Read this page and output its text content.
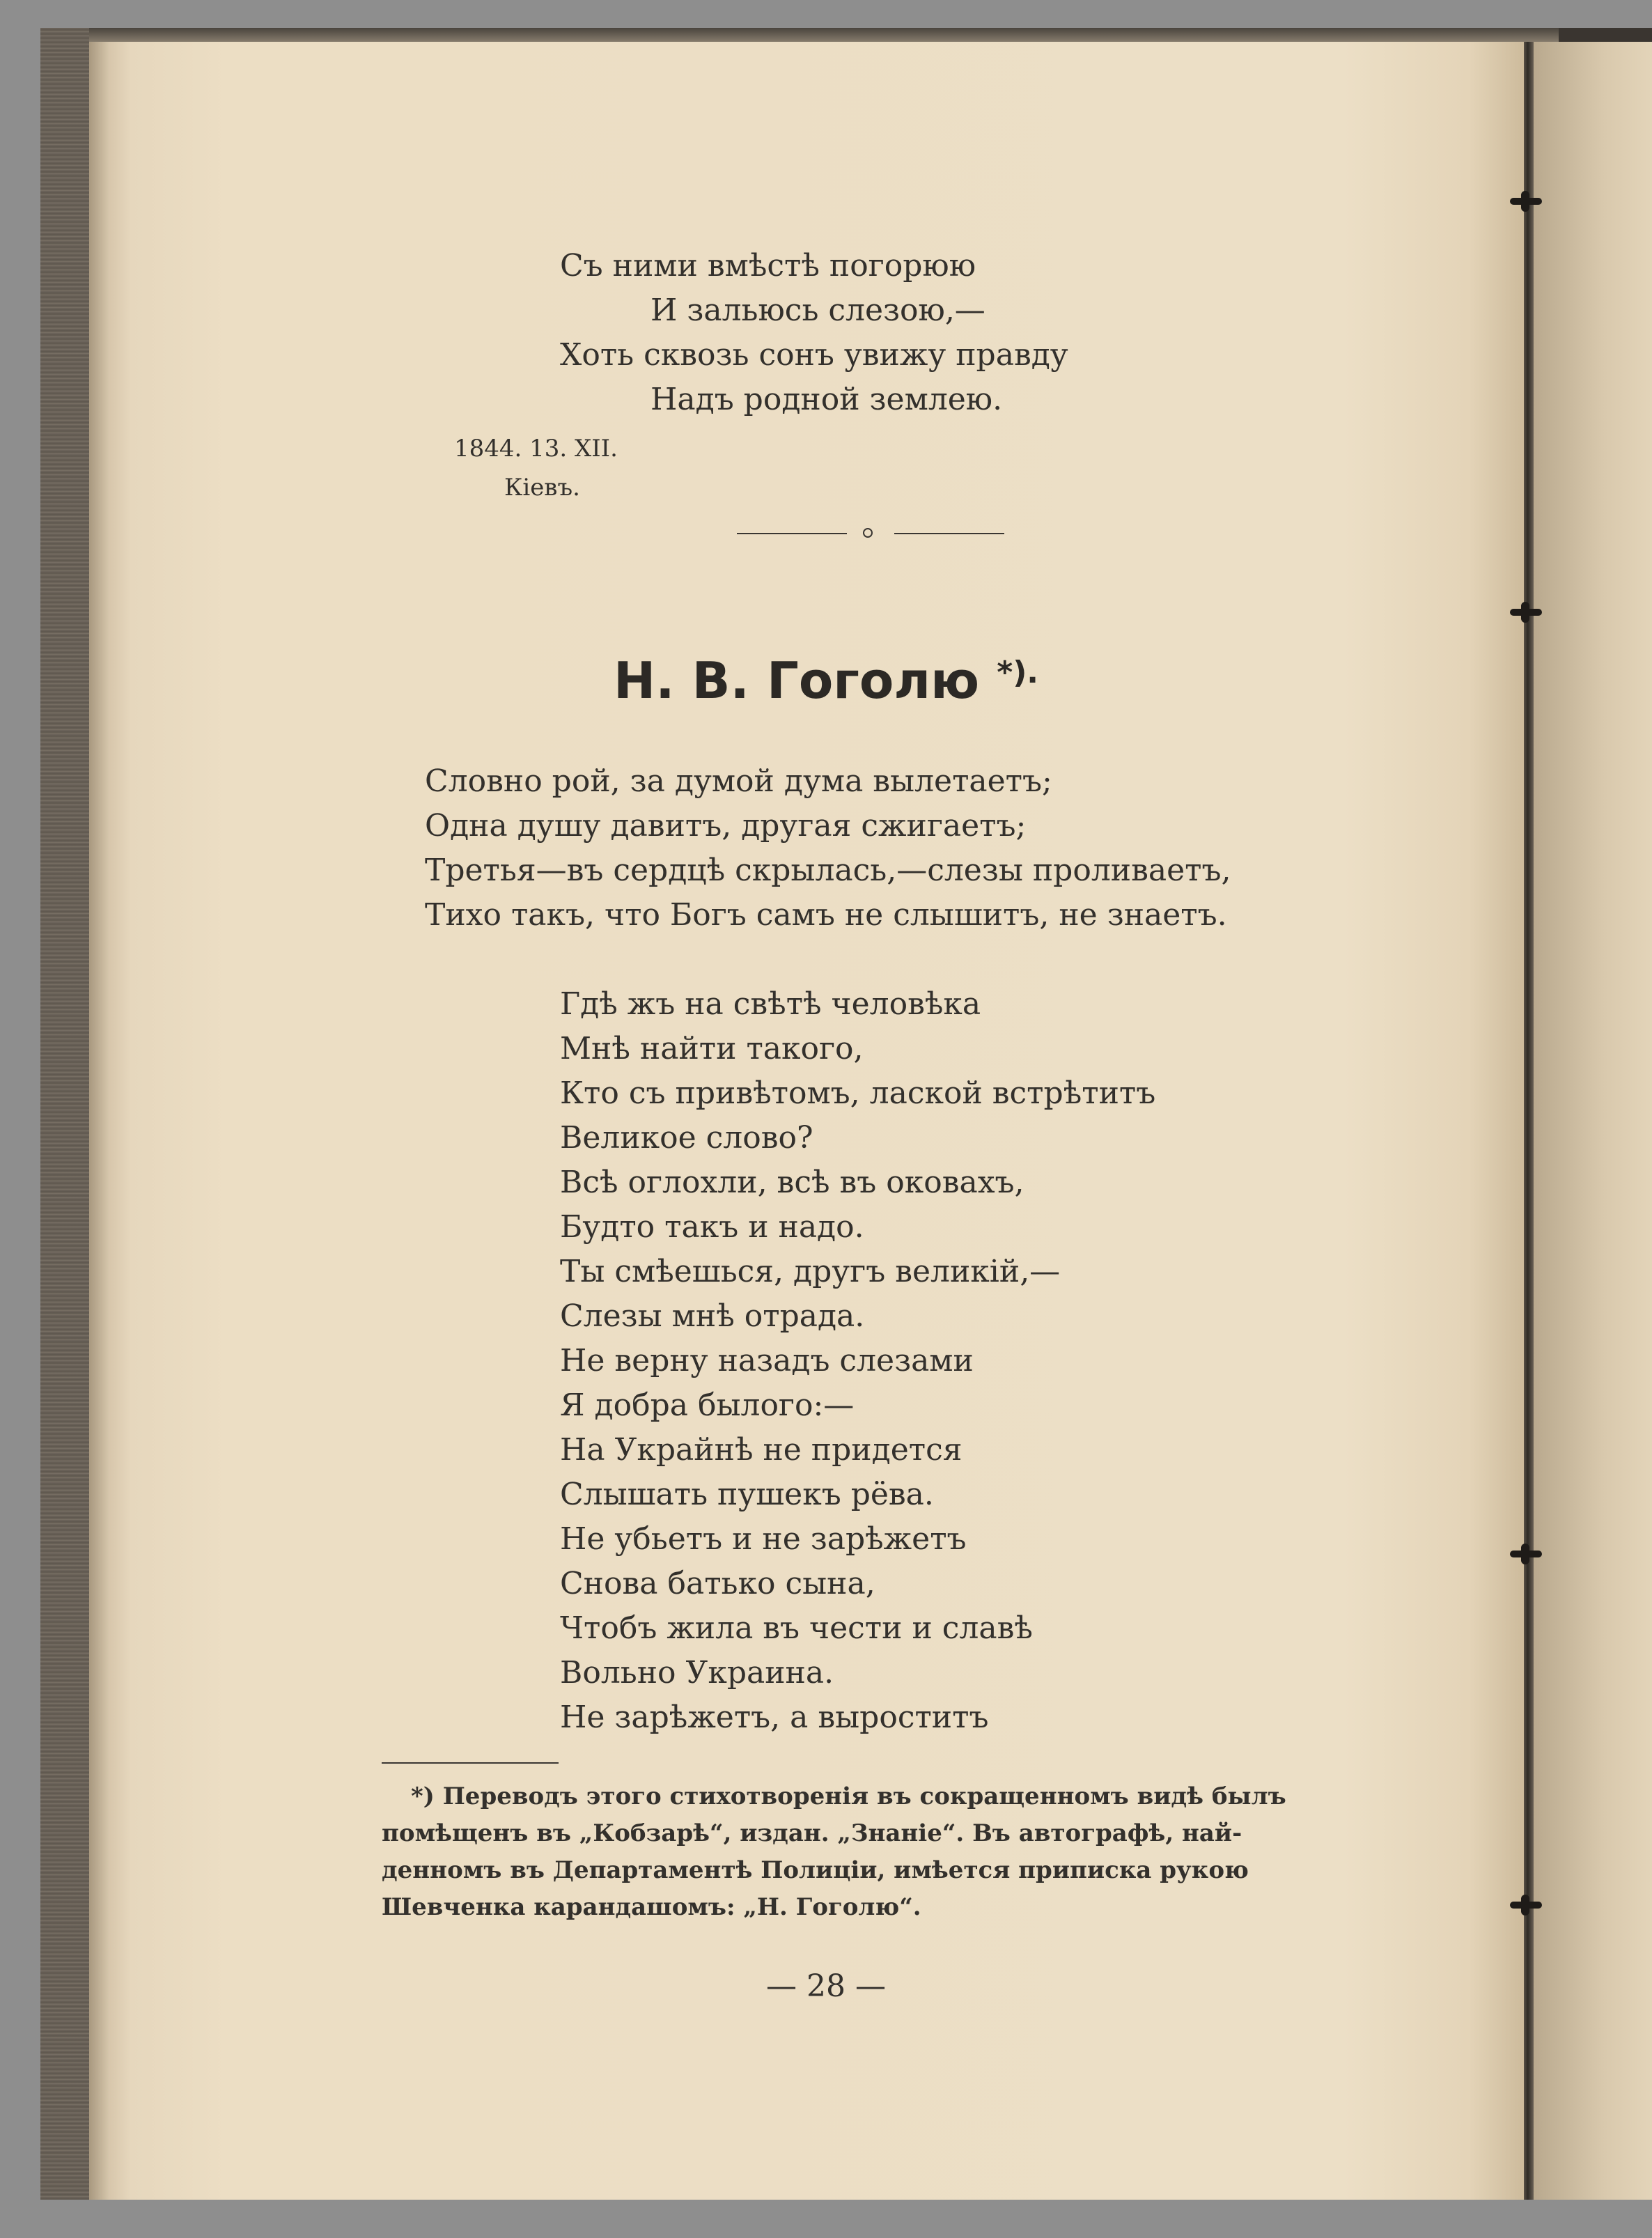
Съ ними вмѣстѣ погорюю

И зальюсь слезою,—

Хоть сквозь сонъ увижу правду

Надъ родной землею.

1844. 13. XII.

Кіевъ.

Н. В. Гоголю *).

Словно рой, за думой дума вылетаетъ;

Одна душу давитъ, другая сжигаетъ;

Третья—въ сердцѣ скрылась,—слезы проливаетъ,

Тихо такъ, что Богъ самъ не слышитъ, не знаетъ.

Гдѣ жъ на свѣтѣ человѣка

Мнѣ найти такого,

Кто съ привѣтомъ, лаской встрѣтитъ

Великое слово?

Всѣ оглохли, всѣ въ оковахъ,

Будто такъ и надо.

Ты смѣешься, другъ великій,—

Слезы мнѣ отрада.

Не верну назадъ слезами

Я добра былого:—

На Украйнѣ не придется

Слышать пушекъ рёва.

Не убьетъ и не зарѣжетъ

Снова батько сына,

Чтобъ жила въ чести и славѣ

Вольно Украина.

Не зарѣжетъ, а выроститъ

*) Переводъ этого стихотворенія въ сокращенномъ видѣ былъ

помѣщенъ въ „Кобзарѣ“, издан. „Знаніе“. Въ автографѣ, най-

денномъ въ Департаментѣ Полиціи, имѣется приписка рукою

Шевченка карандашомъ: „Н. Гоголю“.

— 28 —
